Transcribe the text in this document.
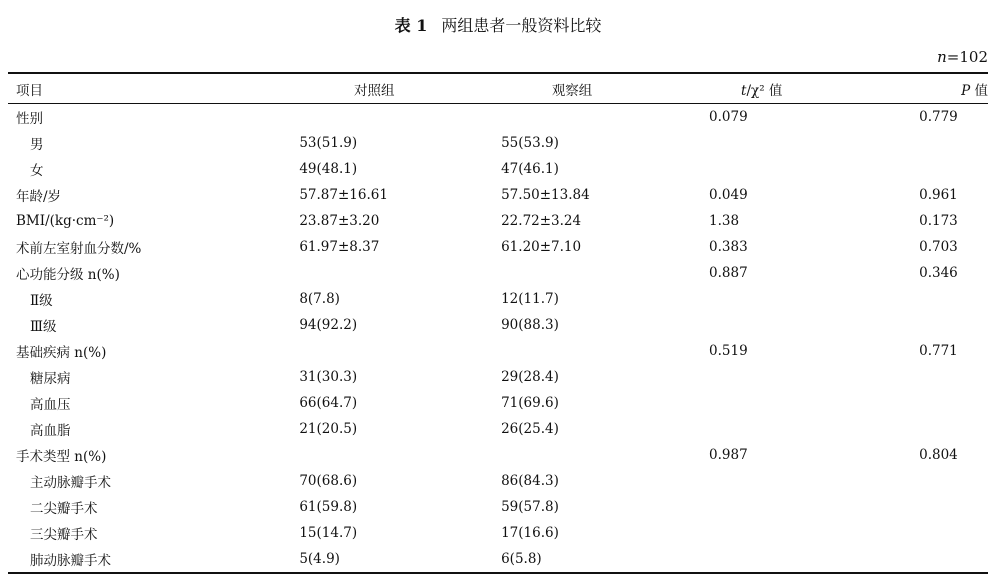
表 1 两组患者一般资料比较
n=102
项目	对照组	观察组	t/χ² 值	P 值
性别			0.079	0.779
男	53(51.9)	55(53.9)		
女	49(48.1)	47(46.1)		
年龄/岁	57.87±16.61	57.50±13.84	0.049	0.961
BMI/(kg·cm⁻²)	23.87±3.20	22.72±3.24	1.38	0.173
术前左室射血分数/%	61.97±8.37	61.20±7.10	0.383	0.703
心功能分级 n(%)			0.887	0.346
Ⅱ级	8(7.8)	12(11.7)		
Ⅲ级	94(92.2)	90(88.3)		
基础疾病 n(%)			0.519	0.771
糖尿病	31(30.3)	29(28.4)		
高血压	66(64.7)	71(69.6)		
高血脂	21(20.5)	26(25.4)		
手术类型 n(%)			0.987	0.804
主动脉瓣手术	70(68.6)	86(84.3)		
二尖瓣手术	61(59.8)	59(57.8)		
三尖瓣手术	15(14.7)	17(16.6)		
肺动脉瓣手术	5(4.9)	6(5.8)		
